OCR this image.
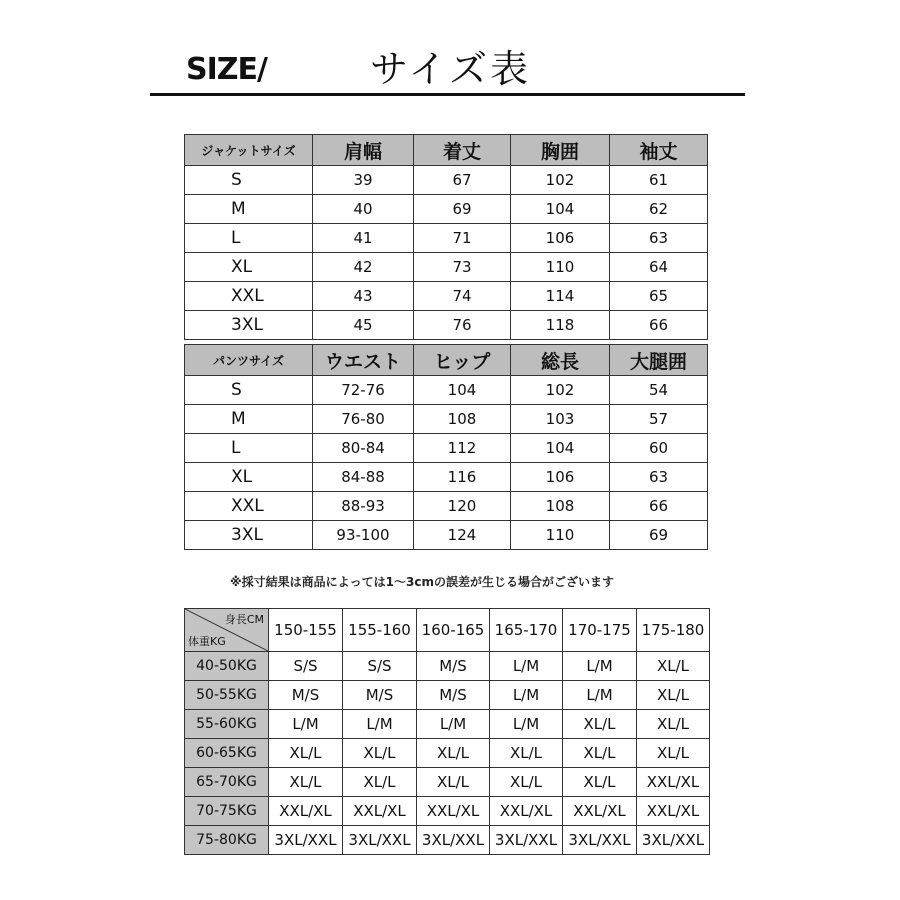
SIZE/	サイズ表
ジャケットサイズ	肩幅	着丈	胸囲	袖丈
S	39	67	102	61
M	40	69	104	62
L	41	71	106	63
XL	42	73	110	64
XXL	43	74	114	65
3XL	45	76	118	66
パンツサイズ	ウエスト	ヒップ	総長	大腿囲
S	72-76	104	102	54
M	76-80	108	103	57
L	80-84	112	104	60
XL	84-88	116	106	63
XXL	88-93	120	108	66
3XL	93-100	124	110	69
※採寸結果は商品によっては1～3cmの誤差が生じる場合がございます
身長CM
体重KG	150-155	155-160	160-165	165-170	170-175	175-180
40-50KG	S/S	S/S	M/S	L/M	L/M	XL/L
50-55KG	M/S	M/S	M/S	L/M	L/M	XL/L
55-60KG	L/M	L/M	L/M	L/M	XL/L	XL/L
60-65KG	XL/L	XL/L	XL/L	XL/L	XL/L	XL/L
65-70KG	XL/L	XL/L	XL/L	XL/L	XL/L	XXL/XL
70-75KG	XXL/XL	XXL/XL	XXL/XL	XXL/XL	XXL/XL	XXL/XL
75-80KG	3XL/XXL	3XL/XXL	3XL/XXL	3XL/XXL	3XL/XXL	3XL/XXL
